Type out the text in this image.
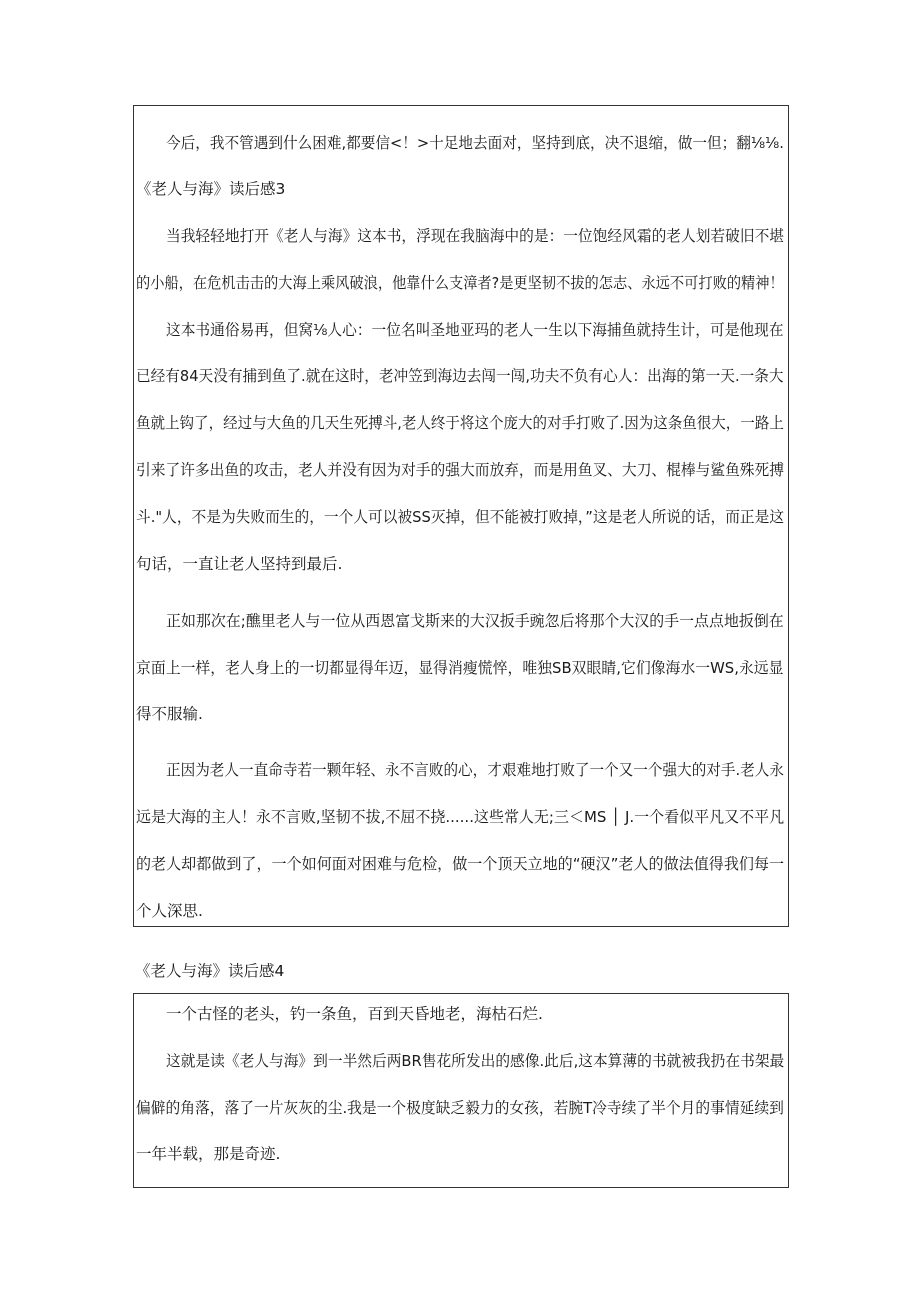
今后，我不管遇到什么困难,都要信<！>十足地去面对，坚持到底，决不退缩，做一但；翻⅛⅛.
《老人与海》读后感3
当我轻轻地打开《老人与海》这本书，浮现在我脑海中的是：一位饱经风霜的老人划若破旧不堪
的小船，在危机击击的大海上乘风破浪，他靠什么支漳者?是更坚韧不拔的怎志、永远不可打败的精神！
这本书通俗易再，但窝⅛人心：一位名叫圣地亚玛的老人一生以下海捕鱼就持生计，可是他现在
已经有84天没有捕到鱼了.就在这时，老冲笠到海边去闯一闯,功夫不负有心人：出海的第一天.一条大
鱼就上钩了，经过与大鱼的几天生死搏斗,老人终于将这个庞大的对手打败了.因为这条鱼很大，一路上
引来了许多出鱼的攻击，老人并没有因为对手的强大而放弃，而是用鱼叉、大刀、棍棒与鲨鱼殊死搏
斗."人，不是为失败而生的，一个人可以被SS灭掉，但不能被打败掉，”这是老人所说的话，而正是这
句话，一直让老人坚持到最后.
正如那次在;醮里老人与一位从西恩富戈斯来的大汉扳手豌忽后将那个大汉的手一点点地扳倒在
京面上一样，老人身上的一切都显得年迈，显得消瘦慌悴，唯独SB双眼睛,它们像海水一WS,永远显
得不服输.
正因为老人一直命寺若一颗年轻、永不言败的心，才艰难地打败了一个又一个强大的对手.老人永
远是大海的主人！永不言败,坚韧不拔,不屈不挠......这些常人无;三＜MS │ J.一个看似平凡又不平凡
的老人却都做到了，一个如何面对困难与危检，做一个顶天立地的“硬汉”老人的做法值得我们每一
个人深思.
《老人与海》读后感4
一个古怪的老头，钓一条鱼，百到天昏地老，海枯石烂.
这就是读《老人与海》到一半然后两BR售花所发出的感像.此后,这本算薄的书就被我扔在书架最
偏僻的角落，落了一片灰灰的尘.我是一个极度缺乏毅力的女孩，若腕T冷寺续了半个月的事情延续到
一年半载，那是奇迹.
